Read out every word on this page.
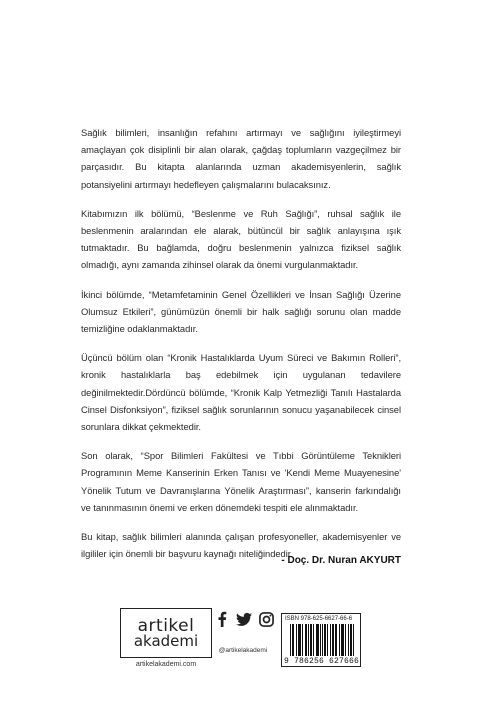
Sağlık bilimleri, insanlığın refahını artırmayı ve sağlığını iyileştirmeyi amaçlayan çok disiplinli bir alan olarak, çağdaş toplumların vazgeçilmez bir parçasıdır. Bu kitapta alanlarında uzman akademisyenlerin, sağlık potansiyelini artırmayı hedefleyen çalışmalarını bulacaksınız.

Kitabımızın ilk bölümü, “Beslenme ve Ruh Sağlığı”, ruhsal sağlık ile beslenmenin aralarından ele alarak, bütüncül bir sağlık anlayışına ışık tutmaktadır. Bu bağlamda, doğru beslenmenin yalnızca fiziksel sağlık olmadığı, aynı zamanda zihinsel olarak da önemi vurgulanmaktadır.

İkinci bölümde, “Metamfetaminin Genel Özellikleri ve İnsan Sağlığı Üzerine Olumsuz Etkileri”, günümüzün önemli bir halk sağlığı sorunu olan madde temizliğine odaklanmaktadır.

Üçüncü bölüm olan “Kronik Hastalıklarda Uyum Süreci ve Bakımın Rolleri”, kronik hastalıklarla baş edebilmek için uygulanan tedavilere değinilmektedir.Dördüncü bölümde, “Kronik Kalp Yetmezliği Tanılı Hastalarda Cinsel Disfonksiyon”, fiziksel sağlık sorunlarının sonucu yaşanabilecek cinsel sorunlara dikkat çekmektedir.

Son olarak, “Spor Bilimleri Fakültesi ve Tıbbi Görüntüleme Teknikleri Programının Meme Kanserinin Erken Tanısı ve 'Kendi Meme Muayenesine' Yönelik Tutum ve Davranışlarına Yönelik Araştırması”, kanserin farkındalığı ve tanınmasının önemi ve erken dönemdeki tespiti ele alınmaktadır.

Bu kitap, sağlık bilimleri alanında çalışan profesyoneller, akademisyenler ve ilgililer için önemli bir başvuru kaynağı niteliğindedir.

- Doç. Dr. Nuran AKYURT
artikel
akademi
artikelakademi.com
@artikelakademi
ISBN 978-625-6627-66-6
9 786256 627666
